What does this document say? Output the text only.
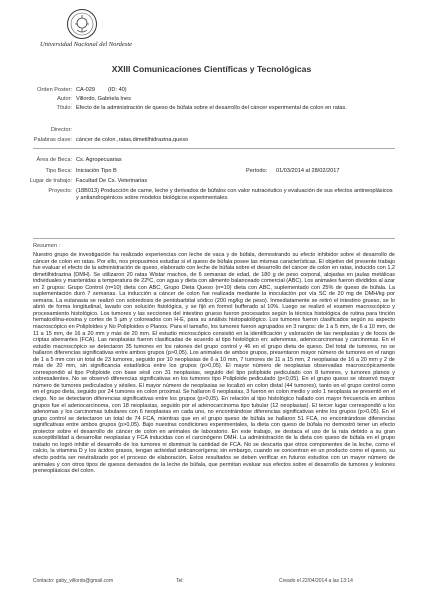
Universidad Nacional del Nordeste
XXIII Comunicaciones Científicas y Tecnológicas
Orden Poster: CA-029 (ID: 40)
Autor: Villordo, Gabriela Ines
Título: Efecto de la administración de queso de búfala sobre el desarrollo del cáncer experimental de colon en ratas.
Director:
Palabras clave: cáncer de colon ,ratas,dimetilhidrazina,queso
Área de Beca: Cs. Agropecuarias
Tipo Beca: Iniciación Tipo B	Período: 01/03/2014 al 28/02/2017
Lugar de trabajo: Facultad De Cs. Veterinarias
Proyecto: (18B013) Producción de carne, leche y derivados de búfalos con valor nutracéutico y evaluación de sus efectos antineoplásicos y antiandrogénicos sobre modelos biológicos experimentales.
Resumen :
Nuestro grupo de investigación ha realizado experiencias con leche de vaca y de búfala, demostrando su efecto inhibidor sobre el desarrollo de cáncer de colon en ratas. Por ello, nos propusimos estudiar si el queso de búfala posee las mismas características. El objetivo del presente trabajo fue evaluar el efecto de la administración de queso, elaborado con leche de búfala sobre el desarrollo del cáncer de colon en ratas, inducido con 1,2 dimetilhidrazina (DMH). Se utilizaron 20 ratas Wistar machos, de 6 semanas de edad, de 180 g de peso corporal, alojadas en jaulas metálicas individuales y mantenidas a temperatura de 22ºC, con agua y dieta con alimento balanceado comercial (ABC). Los animales fueron divididos al azar en 2 grupos: Grupo Control (n=10) dieta con ABC, Grupo Dieta Queso (n=10) dieta con ABC, suplementado con 25% de queso de búfala. La suplementación duró 7 semanas. La inducción a cáncer de colon fue realizada mediante la inoculación por vía SC de 20 mg de DMH/kg por semana. La eutanasia se realizó con sobredosis de pentobarbital sódico (200 mg/kg de peso). Inmediatamente se retiró el intestino grueso, se lo abrió de forma longitudinal, lavado con solución fisiológica, y se fijó en formol bufferado al 10%. Luego se realizó el examen macroscópico y procesamiento histológico. Los tumores y las secciones del intestino grueso fueron procesados según la técnica histológica de rutina para tinción hematoxilina-eosina y cortes de 5 µm y coloreados con H-E, para su análisis histopatológico. Los tumores fueron clasificados según su aspecto macroscópico en Poliploides y No Poliploides o Planos. Para el tamaño, los tumores fueron agrupados en 3 rangos: de 1 a 5 mm, de 6 a 10 mm, de 11 a 15 mm, de 16 a 20 mm y más de 20 mm. El estudio microscópico consistió en la identificación y valoración de las neoplasias y de focos de criptas aberrantes (FCA). Las neoplasias fueron clasificadas de acuerdo al tipo histológico en: adenomas, adenocarcinomas y carcinomas. En el estudio macroscópico se detectaron 35 tumores en los ratones del grupo control y 46 en el grupo dieta de queso. Del total de tumores, no se hallaron diferencias significativas entre ambos grupos (p>0,05). Los animales de ambos grupos, presentaron mayor número de tumores en el rango de 1 a 5 mm con un total de 23 tumores, seguido por 10 neoplasias de 6 a 10 mm, 7 tumores de 11 a 15 mm, 2 neoplasias de 16 a 20 mm y 2 de más de 20 mm, sin significancia estadística entre los grupos (p>0,05). El mayor número de neoplasias observadas macroscópicamente correspondió al tipo Poliploide con base sésil con 31 neoplasias, seguido del tipo poliploide pediculado con 8 tumores, y tumores planos y sobresalientes. No se observó diferencias significativas en los tumores tipo Poliploide pediculado (p<0,05). En el grupo queso se observó mayor número de tumores pediculados y sésiles. El mayor número de neoplasias se localizó en colon distal (44 tumores), tanto en el grupo control como en el grupo dieta, seguido por 24 tumores en colon proximal. Se hallaron 6 neoplasias, 3 fueron en colon medio y solo 1 neoplasia se presentó en el ciego. No se detectaron diferencias significativas entre los grupos (p>0,05). En relación al tipo histológico hallado con mayor frecuencia en ambos grupos fue el adenocarcinoma, con 18 neoplasias, seguido por el adenocarcinoma tipo tubular (12 neoplasias). El tercer lugar correspondió a los adenomas y los carcinomas tubulares con 6 neoplasias en cada uno, no encontrándose diferencias significativas entre los grupos (p>0,05). En el grupo control se detectaron un total de 74 FCA, mientras que en el grupo queso de búfala se hallaron 51 FCA, no encontrándose diferencias significativas entre ambos grupos (p>0,05). Bajo nuestras condiciones experimentales, la dieta con queso de búfala no demostró tener un efecto protector sobre el desarrollo de cáncer de colon en animales de laboratorio. En este trabajo, se destaca el uso de la rata debido a su gran susceptibilidad a desarrollar neoplasias y FCA inducidas con el carcinógeno DMH. La administración de la dieta con queso de búfala en el grupo tratado no logró inhibir el desarrollo de los tumores ni disminuir la cantidad de FCA. No se descarta que otros componentes de la leche, como el calcio, la vitamina D y los ácidos grasos, tengan actividad anticancerígena; sin embargo, cuando se concentran en un producto como el queso, su efecto podría ser neutralizado por el proceso de elaboración. Estos resultados se deben verificar en futuros estudios con un mayor número de animales y con otros tipos de quesos derivados de la leche de búfala, que permitan evaluar sus efectos sobre el desarrollo de tumores y lesiones preneoplásicas del colon.
Contacto: gaby_villordo@gmail.com	Tel:	Creado el 22/04/2014 a las 13:14
